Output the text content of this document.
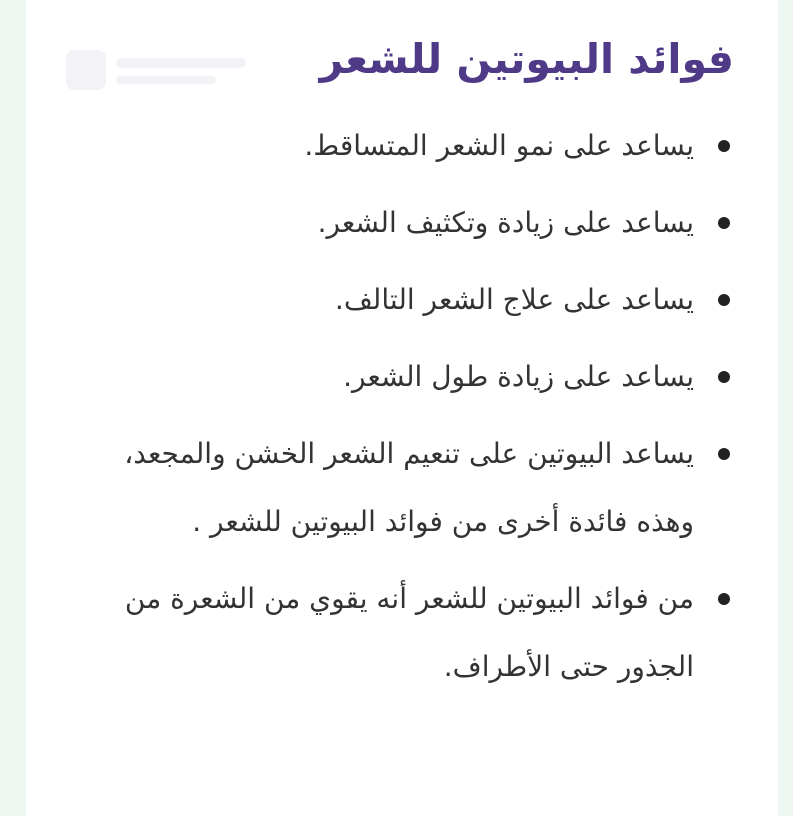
فوائد البيوتين للشعر
يساعد على نمو الشعر المتساقط.
يساعد على زيادة وتكثيف الشعر.
يساعد على علاج الشعر التالف.
يساعد على زيادة طول الشعر.
يساعد البيوتين على تنعيم الشعر الخشن والمجعد، وهذه فائدة أخرى من فوائد البيوتين للشعر .
من فوائد البيوتين للشعر أنه يقوي من الشعرة من الجذور حتى الأطراف.
